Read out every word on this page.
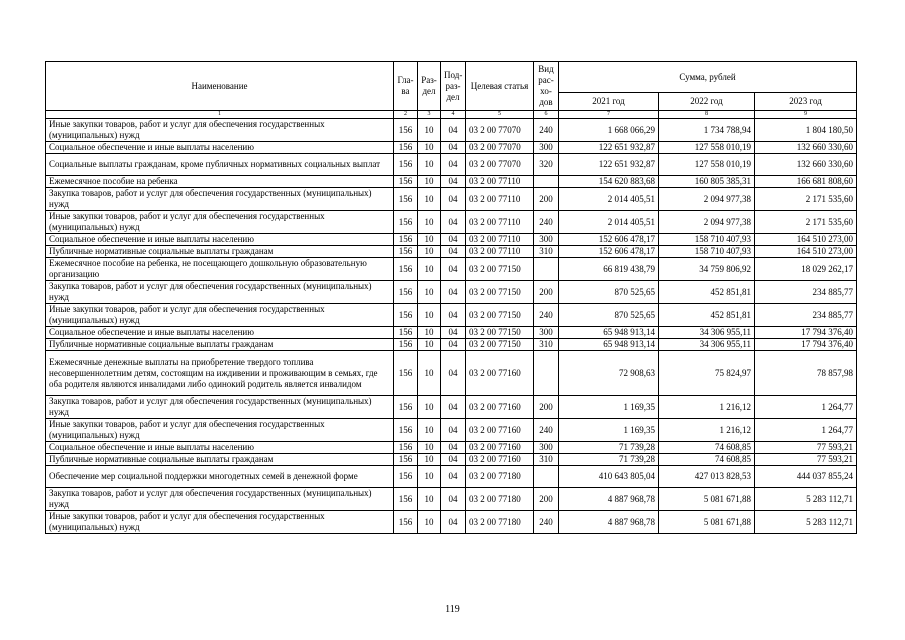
Наименование	Гла-ва	Раз-дел	Под-раз-дел	Целевая статья	Вид рас-хо-дов	Сумма, рублей		
						2021 год	2022 год	2023 год
1	2	3	4	5	6	7	8	9
Иные закупки товаров, работ и услуг для обеспечения государственных (муниципальных) нужд	156	10	04	03 2 00 77070	240	1 668 066,29	1 734 788,94	1 804 180,50
Социальное обеспечение и иные выплаты населению	156	10	04	03 2 00 77070	300	122 651 932,87	127 558 010,19	132 660 330,60
Социальные выплаты гражданам, кроме публичных нормативных социальных выплат	156	10	04	03 2 00 77070	320	122 651 932,87	127 558 010,19	132 660 330,60
Ежемесячное пособие на ребенка	156	10	04	03 2 00 77110		154 620 883,68	160 805 385,31	166 681 808,60
Закупка товаров, работ и услуг для обеспечения государственных (муниципальных) нужд	156	10	04	03 2 00 77110	200	2 014 405,51	2 094 977,38	2 171 535,60
Иные закупки товаров, работ и услуг для обеспечения государственных (муниципальных) нужд	156	10	04	03 2 00 77110	240	2 014 405,51	2 094 977,38	2 171 535,60
Социальное обеспечение и иные выплаты населению	156	10	04	03 2 00 77110	300	152 606 478,17	158 710 407,93	164 510 273,00
Публичные нормативные социальные выплаты гражданам	156	10	04	03 2 00 77110	310	152 606 478,17	158 710 407,93	164 510 273,00
Ежемесячное пособие на ребенка, не посещающего дошкольную образовательную организацию	156	10	04	03 2 00 77150		66 819 438,79	34 759 806,92	18 029 262,17
Закупка товаров, работ и услуг для обеспечения государственных (муниципальных) нужд	156	10	04	03 2 00 77150	200	870 525,65	452 851,81	234 885,77
Иные закупки товаров, работ и услуг для обеспечения государственных (муниципальных) нужд	156	10	04	03 2 00 77150	240	870 525,65	452 851,81	234 885,77
Социальное обеспечение и иные выплаты населению	156	10	04	03 2 00 77150	300	65 948 913,14	34 306 955,11	17 794 376,40
Публичные нормативные социальные выплаты гражданам	156	10	04	03 2 00 77150	310	65 948 913,14	34 306 955,11	17 794 376,40
Ежемесячные денежные выплаты на приобретение твердого топлива несовершеннолетним детям, состоящим на иждивении и проживающим в семьях, где оба родителя являются инвалидами либо одинокий родитель является инвалидом	156	10	04	03 2 00 77160		72 908,63	75 824,97	78 857,98
Закупка товаров, работ и услуг для обеспечения государственных (муниципальных) нужд	156	10	04	03 2 00 77160	200	1 169,35	1 216,12	1 264,77
Иные закупки товаров, работ и услуг для обеспечения государственных (муниципальных) нужд	156	10	04	03 2 00 77160	240	1 169,35	1 216,12	1 264,77
Социальное обеспечение и иные выплаты населению	156	10	04	03 2 00 77160	300	71 739,28	74 608,85	77 593,21
Публичные нормативные социальные выплаты гражданам	156	10	04	03 2 00 77160	310	71 739,28	74 608,85	77 593,21
Обеспечение мер социальной поддержки многодетных семей в денежной форме	156	10	04	03 2 00 77180		410 643 805,04	427 013 828,53	444 037 855,24
Закупка товаров, работ и услуг для обеспечения государственных (муниципальных) нужд	156	10	04	03 2 00 77180	200	4 887 968,78	5 081 671,88	5 283 112,71
Иные закупки товаров, работ и услуг для обеспечения государственных (муниципальных) нужд	156	10	04	03 2 00 77180	240	4 887 968,78	5 081 671,88	5 283 112,71
119
